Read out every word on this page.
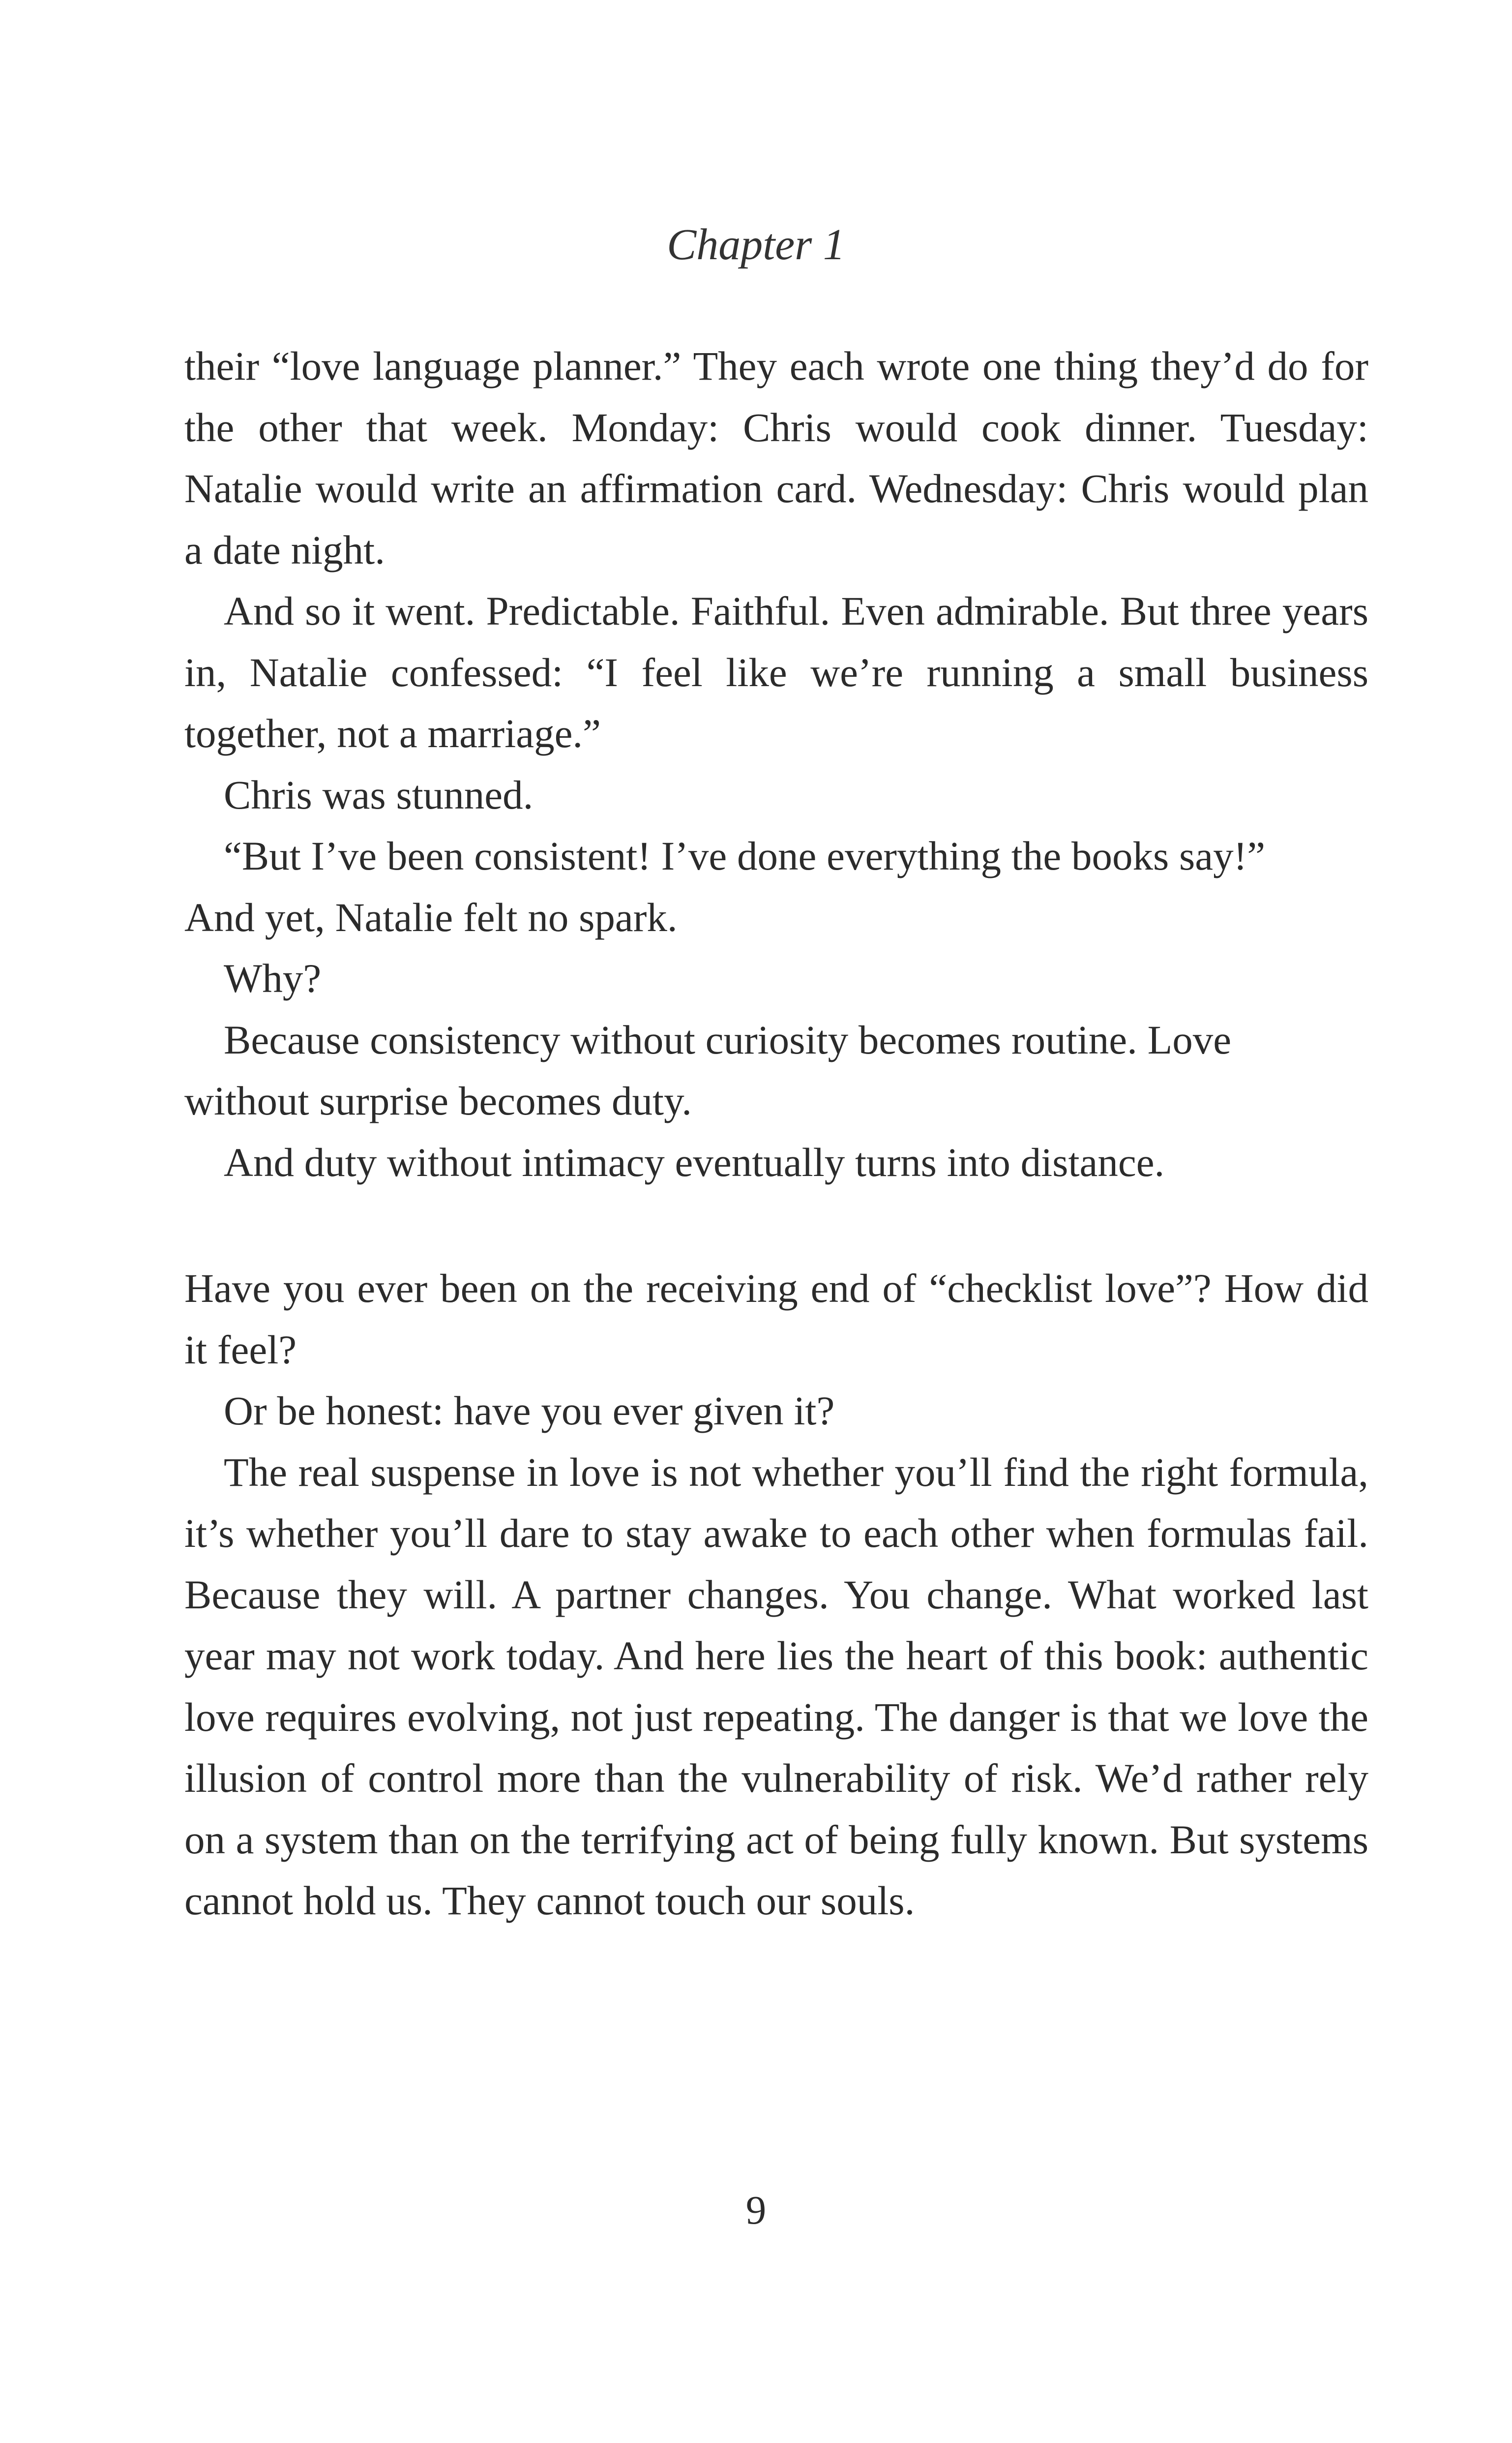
Chapter 1

their “love language planner.” They each wrote one thing they’d do for the other that week. Monday: Chris would cook dinner. Tuesday: Natalie would write an affirmation card. Wednesday: Chris would plan a date night.

And so it went. Predictable. Faithful. Even admirable. But three years in, Natalie confessed: “I feel like we’re running a small business together, not a marriage.”

Chris was stunned.

“But I’ve been consistent! I’ve done everything the books say!”

And yet, Natalie felt no spark.

Why?

Because consistency without curiosity becomes routine. Love without surprise becomes duty.

And duty without intimacy eventually turns into distance.

Have you ever been on the receiving end of “checklist love”? How did it feel?

Or be honest: have you ever given it?

The real suspense in love is not whether you’ll find the right formula, it’s whether you’ll dare to stay awake to each other when formulas fail. Because they will. A partner changes. You change. What worked last year may not work today. And here lies the heart of this book: authentic love requires evolving, not just repeating. The danger is that we love the illusion of control more than the vulnerability of risk. We’d rather rely on a system than on the terrifying act of being fully known. But systems cannot hold us. They cannot touch our souls.

9
